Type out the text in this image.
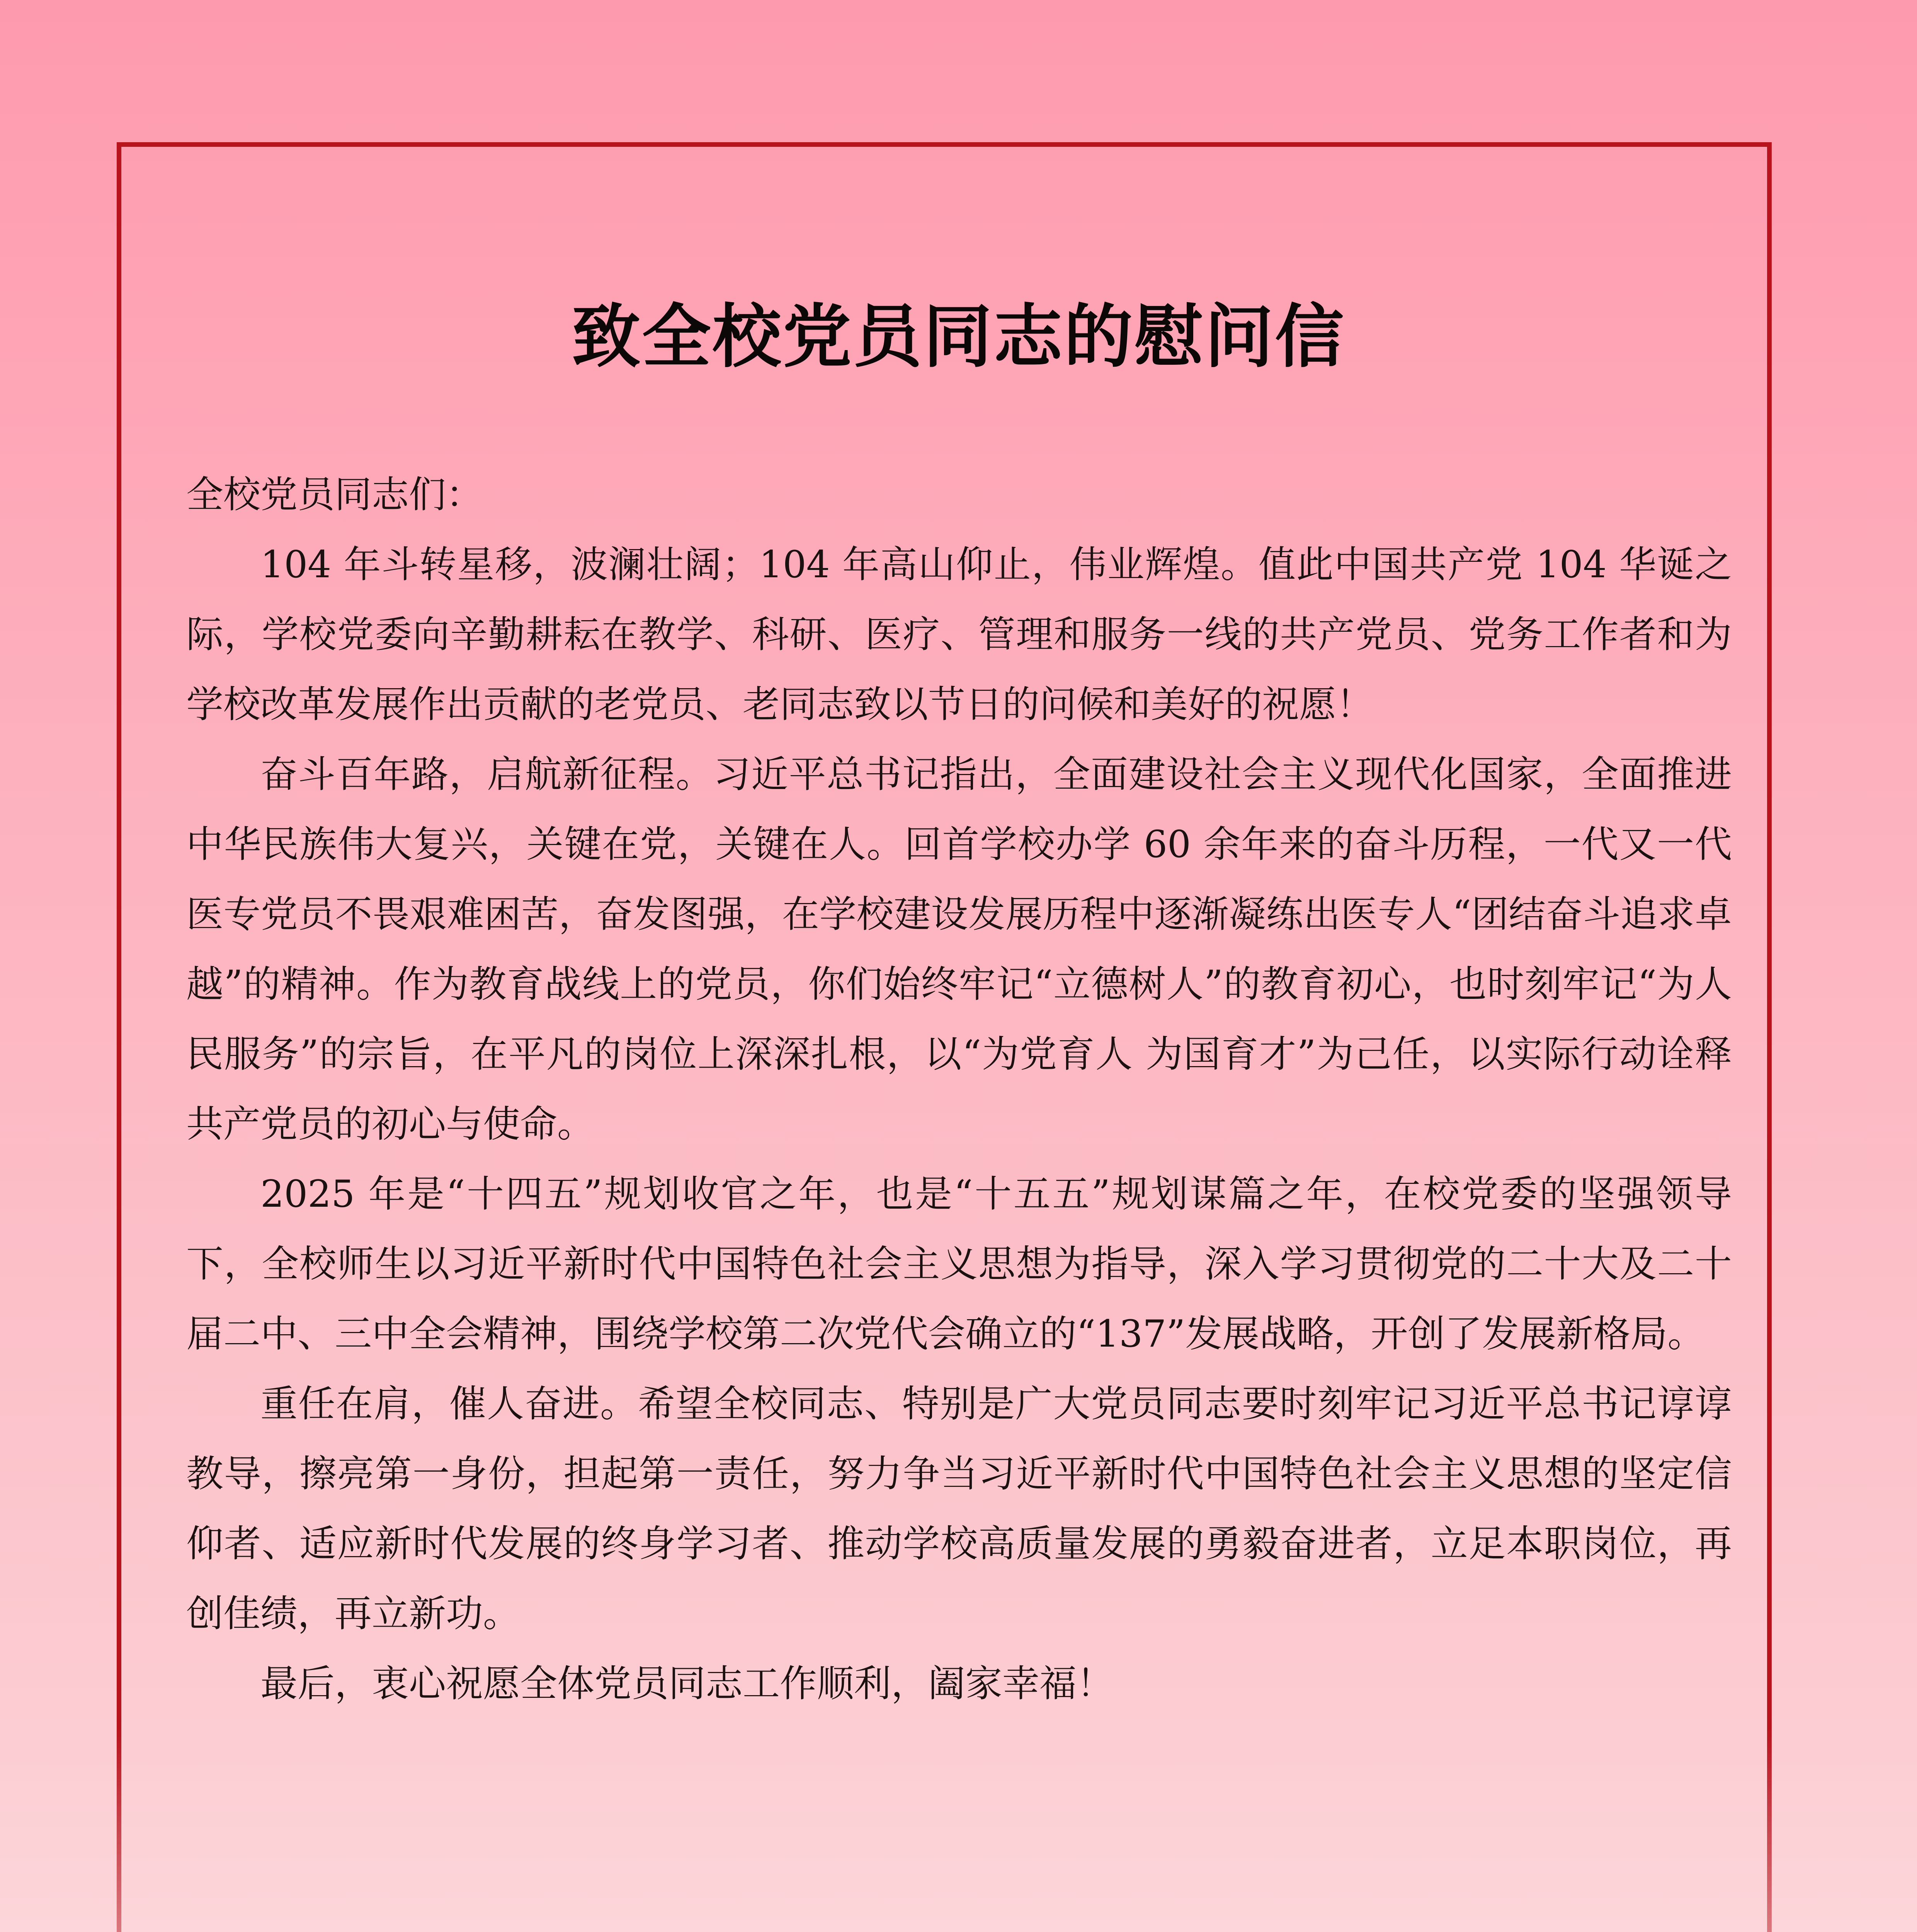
致全校党员同志的慰问信

全校党员同志们：

104 年斗转星移，波澜壮阔；104 年高山仰止，伟业辉煌。值此中国共产党 104 华诞之际，学校党委向辛勤耕耘在教学、科研、医疗、管理和服务一线的共产党员、党务工作者和为学校改革发展作出贡献的老党员、老同志致以节日的问候和美好的祝愿！

奋斗百年路，启航新征程。习近平总书记指出，全面建设社会主义现代化国家，全面推进中华民族伟大复兴，关键在党，关键在人。回首学校办学 60 余年来的奋斗历程，一代又一代医专党员不畏艰难困苦，奋发图强，在学校建设发展历程中逐渐凝练出医专人“团结奋斗追求卓越”的精神。作为教育战线上的党员，你们始终牢记“立德树人”的教育初心，也时刻牢记“为人民服务”的宗旨，在平凡的岗位上深深扎根，以“为党育人 为国育才”为己任，以实际行动诠释共产党员的初心与使命。

2025 年是“十四五”规划收官之年，也是“十五五”规划谋篇之年，在校党委的坚强领导下，全校师生以习近平新时代中国特色社会主义思想为指导，深入学习贯彻党的二十大及二十届二中、三中全会精神，围绕学校第二次党代会确立的“137”发展战略，开创了发展新格局。

重任在肩，催人奋进。希望全校同志、特别是广大党员同志要时刻牢记习近平总书记谆谆教导，擦亮第一身份，担起第一责任，努力争当习近平新时代中国特色社会主义思想的坚定信仰者、适应新时代发展的终身学习者、推动学校高质量发展的勇毅奋进者，立足本职岗位，再创佳绩，再立新功。

最后，衷心祝愿全体党员同志工作顺利，阖家幸福！
